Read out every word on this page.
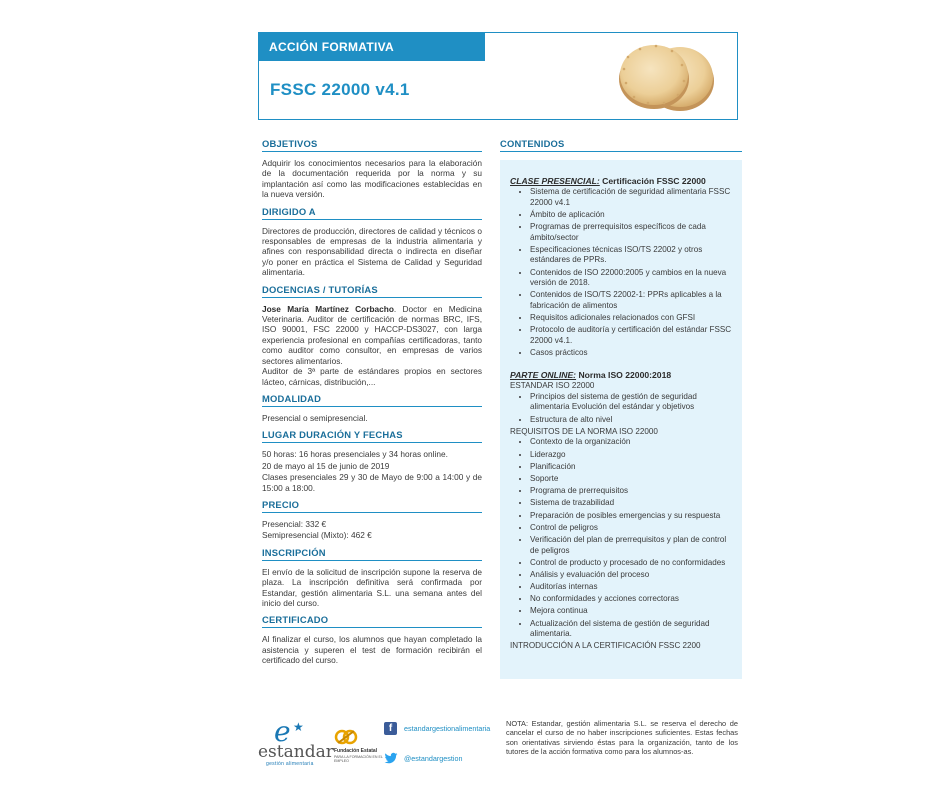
ACCIÓN FORMATIVA
FSSC 22000 v4.1
OBJETIVOS

Adquirir los conocimientos necesarios para la elaboración de la documentación requerida por la norma y su implantación así como las modificaciones establecidas en la nueva versión.

DIRIGIDO A

Directores de producción, directores de calidad y técnicos o responsables de empresas de la industria alimentaria y afines con responsabilidad directa o indirecta en diseñar y/o poner en práctica el Sistema de Calidad y Seguridad alimentaria.

DOCENCIAS / TUTORÍAS

Jose María Martínez Corbacho. Doctor en Medicina Veterinaria. Auditor de certificación de normas BRC, IFS, ISO 90001, FSC 22000 y HACCP-DS3027, con larga experiencia profesional en compañías certificadoras, tanto como auditor como consultor, en empresas de varios sectores alimentarios.

Auditor de 3ª parte de estándares propios en sectores lácteo, cárnicas, distribución,...

MODALIDAD

Presencial o semipresencial.

LUGAR DURACIÓN Y FECHAS

50 horas: 16 horas presenciales y 34 horas online.

20 de mayo al 15 de junio de 2019

Clases presenciales 29 y 30 de Mayo de 9:00 a 14:00 y de 15:00 a 18:00.

PRECIO

Presencial: 332 €

Semipresencial (Mixto): 462 €

INSCRIPCIÓN

El envío de la solicitud de inscripción supone la reserva de plaza. La inscripción definitiva será confirmada por Estandar, gestión alimentaria S.L. una semana antes del inicio del curso.

CERTIFICADO

Al finalizar el curso, los alumnos que hayan completado la asistencia y superen el test de formación recibirán el certificado del curso.

CONTENIDOS

CLASE PRESENCIAL: Certificación FSSC 22000

• Sistema de certificación de seguridad alimentaria FSSC 22000 v4.1
• Ámbito de aplicación
• Programas de prerrequisitos específicos de cada ámbito/sector
• Especificaciones técnicas ISO/TS 22002 y otros estándares de PPRs.
• Contenidos de ISO 22000:2005 y cambios en la nueva versión de 2018.
• Contenidos de ISO/TS 22002-1: PPRs aplicables a la fabricación de alimentos
• Requisitos adicionales relacionados con GFSI
• Protocolo de auditoría y certificación del estándar FSSC 22000 v4.1.
• Casos prácticos

PARTE ONLINE: Norma ISO 22000:2018

ESTANDAR ISO 22000

• Principios del sistema de gestión de seguridad alimentaria Evolución del estándar y objetivos
• Estructura de alto nivel

REQUISITOS DE LA NORMA ISO 22000

• Contexto de la organización
• Liderazgo
• Planificación
• Soporte
• Programa de prerrequisitos
• Sistema de trazabilidad
• Preparación de posibles emergencias y su respuesta
• Control de peligros
• Verificación del plan de prerrequisitos y plan de control de peligros
• Control de producto y procesado de no conformidades
• Análisis y evaluación del proceso
• Auditorías internas
• No conformidades y acciones correctoras
• Mejora continua
• Actualización del sistema de gestión de seguridad alimentaria.

INTRODUCCIÓN A LA CERTIFICACIÓN FSSC 2200

e ★
estandar
gestión alimentaria
Fundación Estatal
PARA LA FORMACIÓN EN EL EMPLEO
f	estandargestionalimentaria
@estandargestion
NOTA: Estandar, gestión alimentaria S.L. se reserva el derecho de cancelar el curso de no haber inscripciones suficientes. Estas fechas son orientativas sirviendo éstas para la organización, tanto de los tutores de la acción formativa como para los alumnos-as.
